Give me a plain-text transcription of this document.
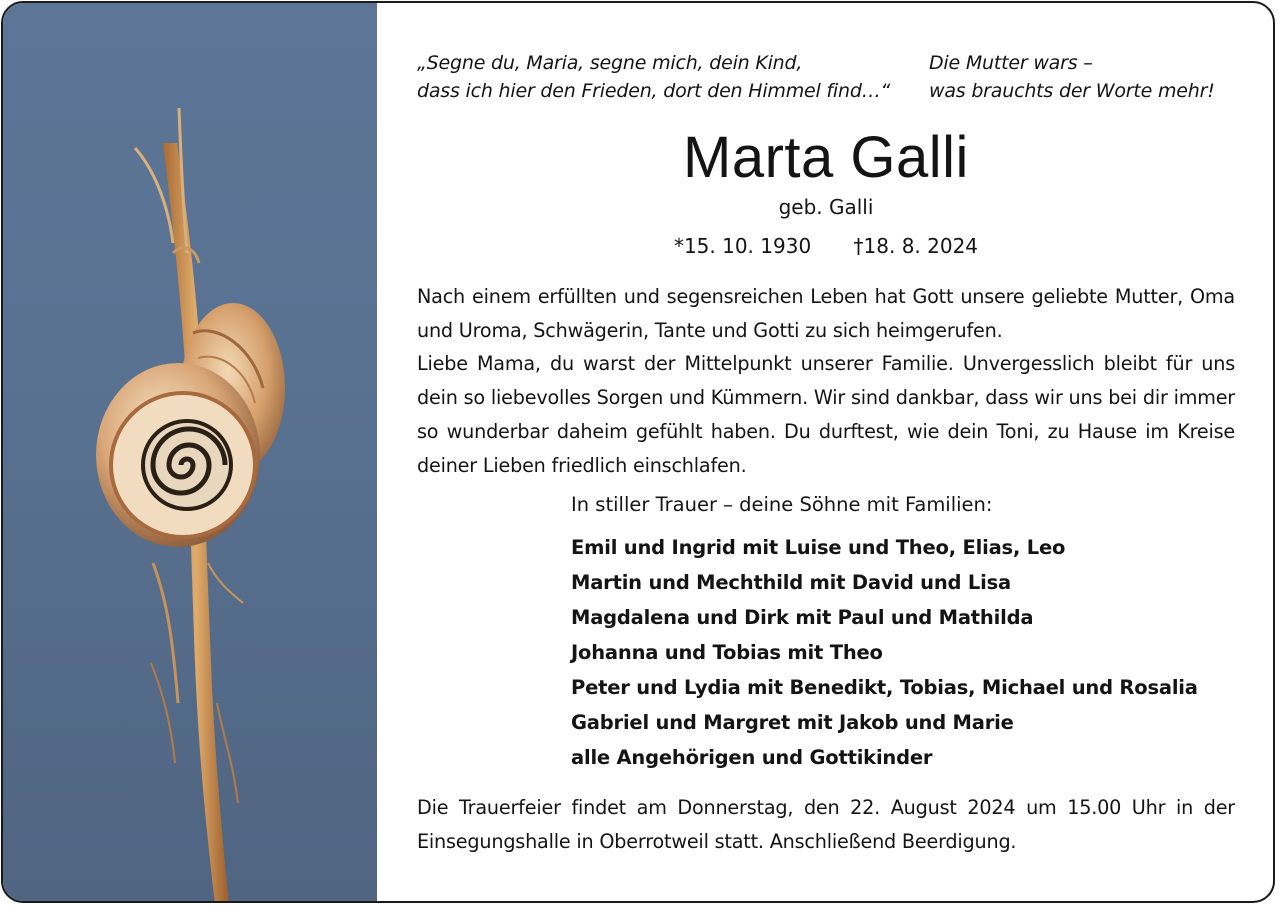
„Segne du, Maria, segne mich, dein Kind,
dass ich hier den Frieden, dort den Himmel find…“
Die Mutter wars –
was brauchts der Worte mehr!
Marta Galli
geb. Galli
*15. 10. 1930 †18. 8. 2024
Nach einem erfüllten und segensreichen Leben hat Gott unsere geliebte Mutter, Oma und Uroma, Schwägerin, Tante und Gotti zu sich heimgerufen.
Liebe Mama, du warst der Mittelpunkt unserer Familie. Unvergesslich bleibt für uns dein so liebevolles Sorgen und Kümmern. Wir sind dankbar, dass wir uns bei dir immer so wunderbar daheim gefühlt haben. Du durftest, wie dein Toni, zu Hause im Kreise deiner Lieben friedlich einschlafen.
In stiller Trauer – deine Söhne mit Familien:
Emil und Ingrid mit Luise und Theo, Elias, Leo
Martin und Mechthild mit David und Lisa
Magdalena und Dirk mit Paul und Mathilda
Johanna und Tobias mit Theo
Peter und Lydia mit Benedikt, Tobias, Michael und Rosalia
Gabriel und Margret mit Jakob und Marie
alle Angehörigen und Gottikinder
Die Trauerfeier findet am Donnerstag, den 22. August 2024 um 15.00 Uhr in der Einsegungshalle in Oberrotweil statt. Anschließend Beerdigung.
